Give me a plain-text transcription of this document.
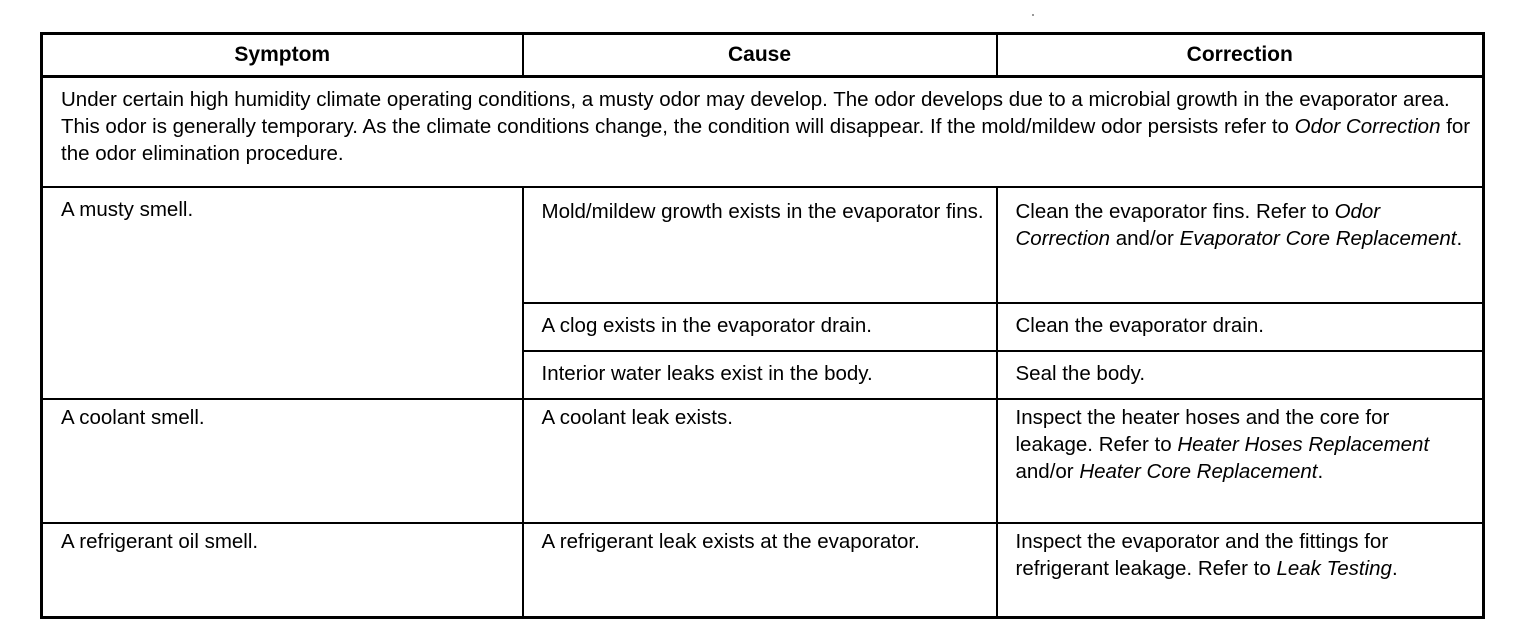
Symptom	Cause	Correction
Under certain high humidity climate operating conditions, a musty odor may develop. The odor develops due to a microbial growth in the evaporator area. This odor is generally temporary. As the climate conditions change, the condition will disappear. If the mold/mildew odor persists refer to Odor Correction for the odor elimination procedure.		
A musty smell.	Mold/mildew growth exists in the evaporator fins.	Clean the evaporator fins. Refer to Odor Correction and/or Evaporator Core Replacement.
	A clog exists in the evaporator drain.	Clean the evaporator drain.
	Interior water leaks exist in the body.	Seal the body.
A coolant smell.	A coolant leak exists.	Inspect the heater hoses and the core for leakage. Refer to Heater Hoses Replacement and/or Heater Core Replacement.
A refrigerant oil smell.	A refrigerant leak exists at the evaporator.	Inspect the evaporator and the fittings for refrigerant leakage. Refer to Leak Testing.
